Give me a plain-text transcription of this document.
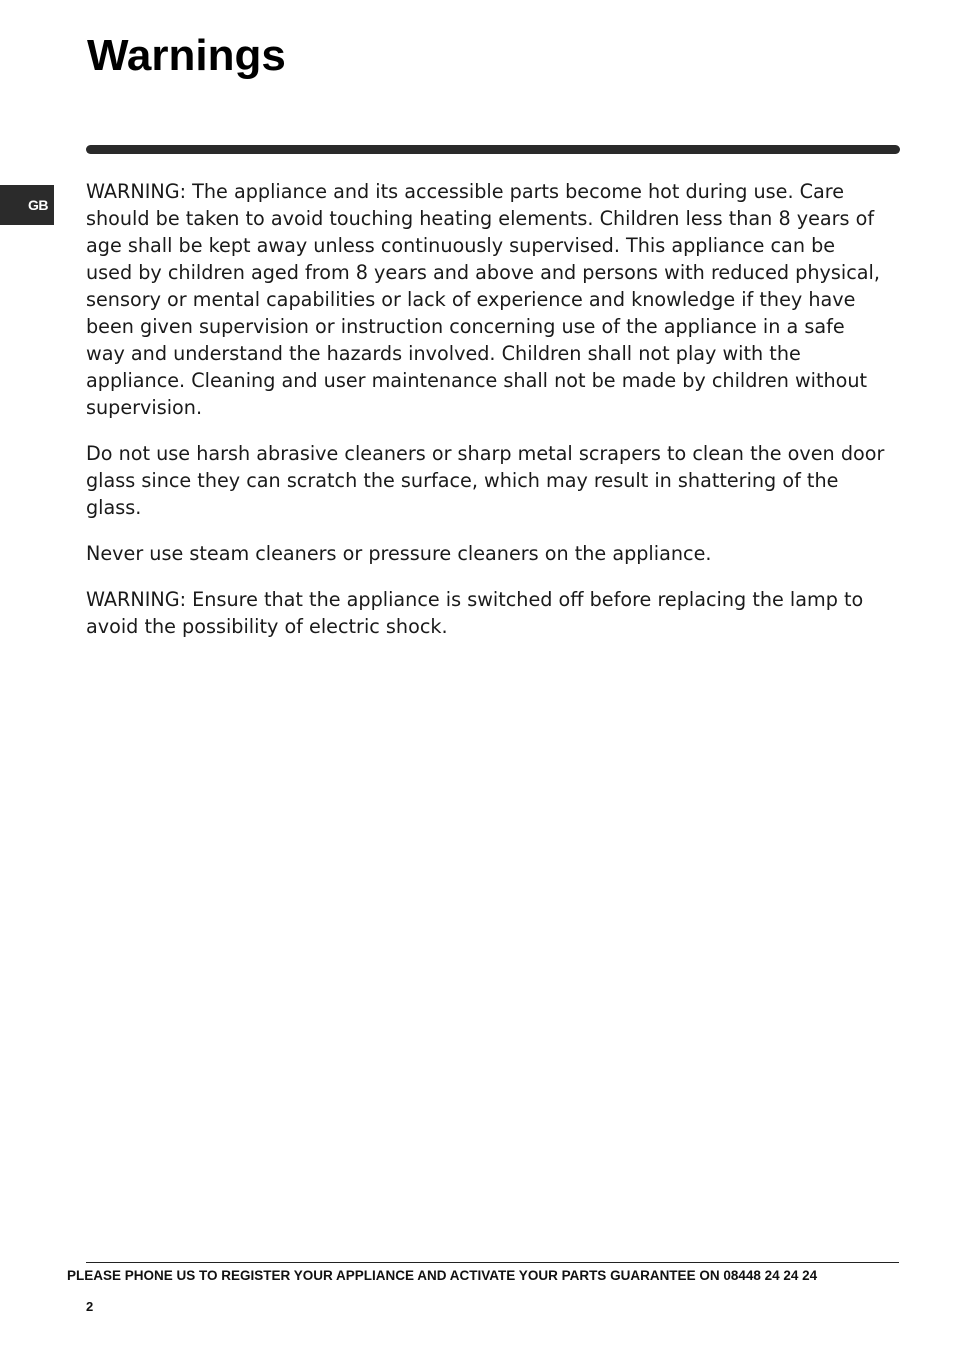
Warnings
GB

WARNING: The appliance and its accessible parts become hot during use. Care should be taken to avoid touching heating elements. Children less than 8 years of age shall be kept away unless continuously supervised. This appliance can be used by children aged from 8 years and above and persons with reduced physical, sensory or mental capabilities or lack of experience and knowledge if they have been given supervision or instruction concerning use of the appliance in a safe way and understand the hazards involved. Children shall not play with the appliance. Cleaning and user maintenance shall not be made by children without supervision.

Do not use harsh abrasive cleaners or sharp metal scrapers to clean the oven door glass since they can scratch the surface, which may result in shattering of the glass.

Never use steam cleaners or pressure cleaners on the appliance.

WARNING: Ensure that the appliance is switched off before replacing the lamp to avoid the possibility of electric shock.

PLEASE PHONE US TO REGISTER YOUR APPLIANCE AND ACTIVATE YOUR PARTS GUARANTEE ON 08448 24 24 24
2
